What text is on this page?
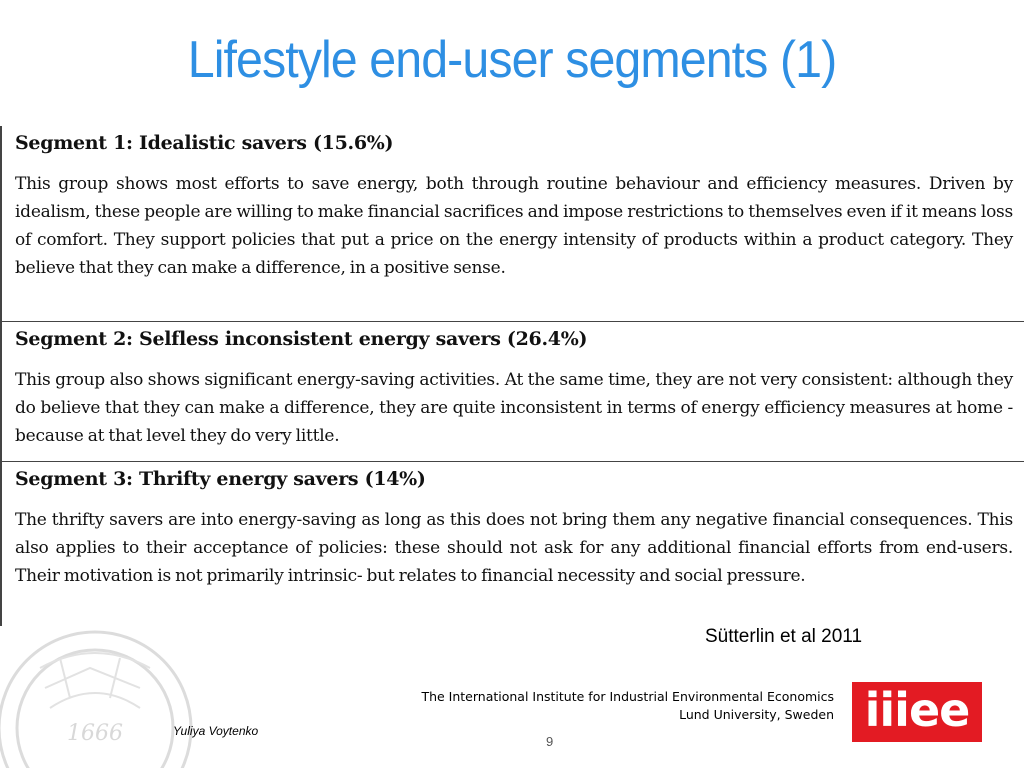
Lifestyle end-user segments (1)
Segment 1: Idealistic savers (15.6%)

This group shows most efforts to save energy, both through routine behaviour and efficiency measures. Driven by idealism, these people are willing to make financial sacrifices and impose restrictions to themselves even if it means loss of comfort. They support policies that put a price on the energy intensity of products within a product category. They believe that they can make a difference, in a positive sense.

Segment 2: Selfless inconsistent energy savers (26.4%)

This group also shows significant energy-saving activities. At the same time, they are not very consistent: although they do believe that they can make a difference, they are quite inconsistent in terms of energy efficiency measures at home - because at that level they do very little.

Segment 3: Thrifty energy savers (14%)

The thrifty savers are into energy-saving as long as this does not bring them any negative financial consequences. This also applies to their acceptance of policies: these should not ask for any additional financial efforts from end-users. Their motivation is not primarily intrinsic- but relates to financial necessity and social pressure.

Sütterlin et al 2011
1666
The International Institute for Industrial Environmental Economics
Lund University, Sweden
Yuliya Voytenko
9
iiiee
